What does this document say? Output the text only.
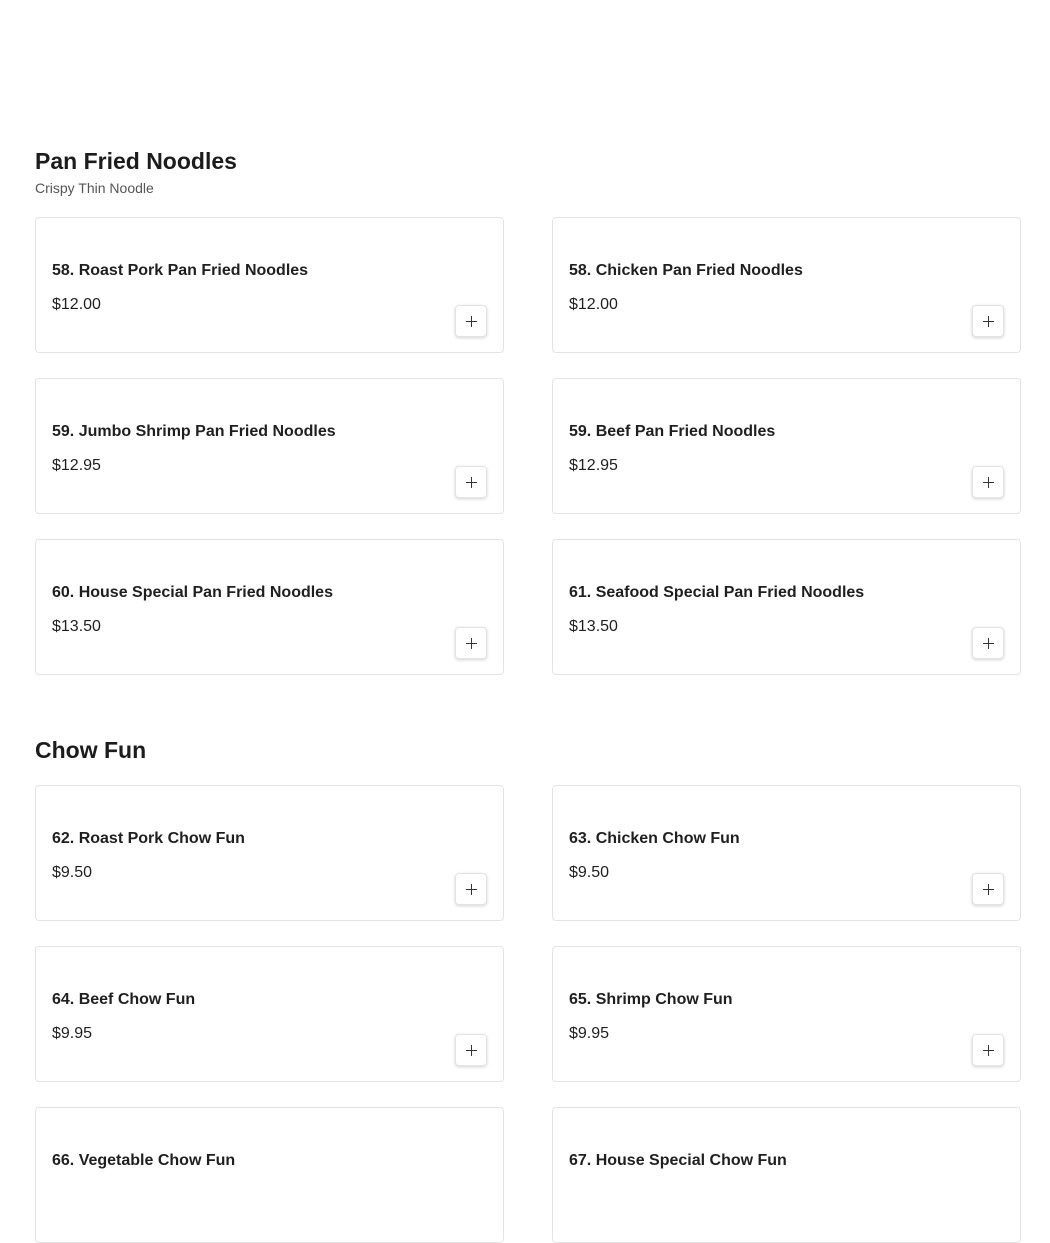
Pan Fried Noodles
Crispy Thin Noodle
58. Roast Pork Pan Fried Noodles
$12.00
58. Chicken Pan Fried Noodles
$12.00
59. Jumbo Shrimp Pan Fried Noodles
$12.95
59. Beef Pan Fried Noodles
$12.95
60. House Special Pan Fried Noodles
$13.50
61. Seafood Special Pan Fried Noodles
$13.50
Chow Fun
62. Roast Pork Chow Fun
$9.50
63. Chicken Chow Fun
$9.50
64. Beef Chow Fun
$9.95
65. Shrimp Chow Fun
$9.95
66. Vegetable Chow Fun	67. House Special Chow Fun
